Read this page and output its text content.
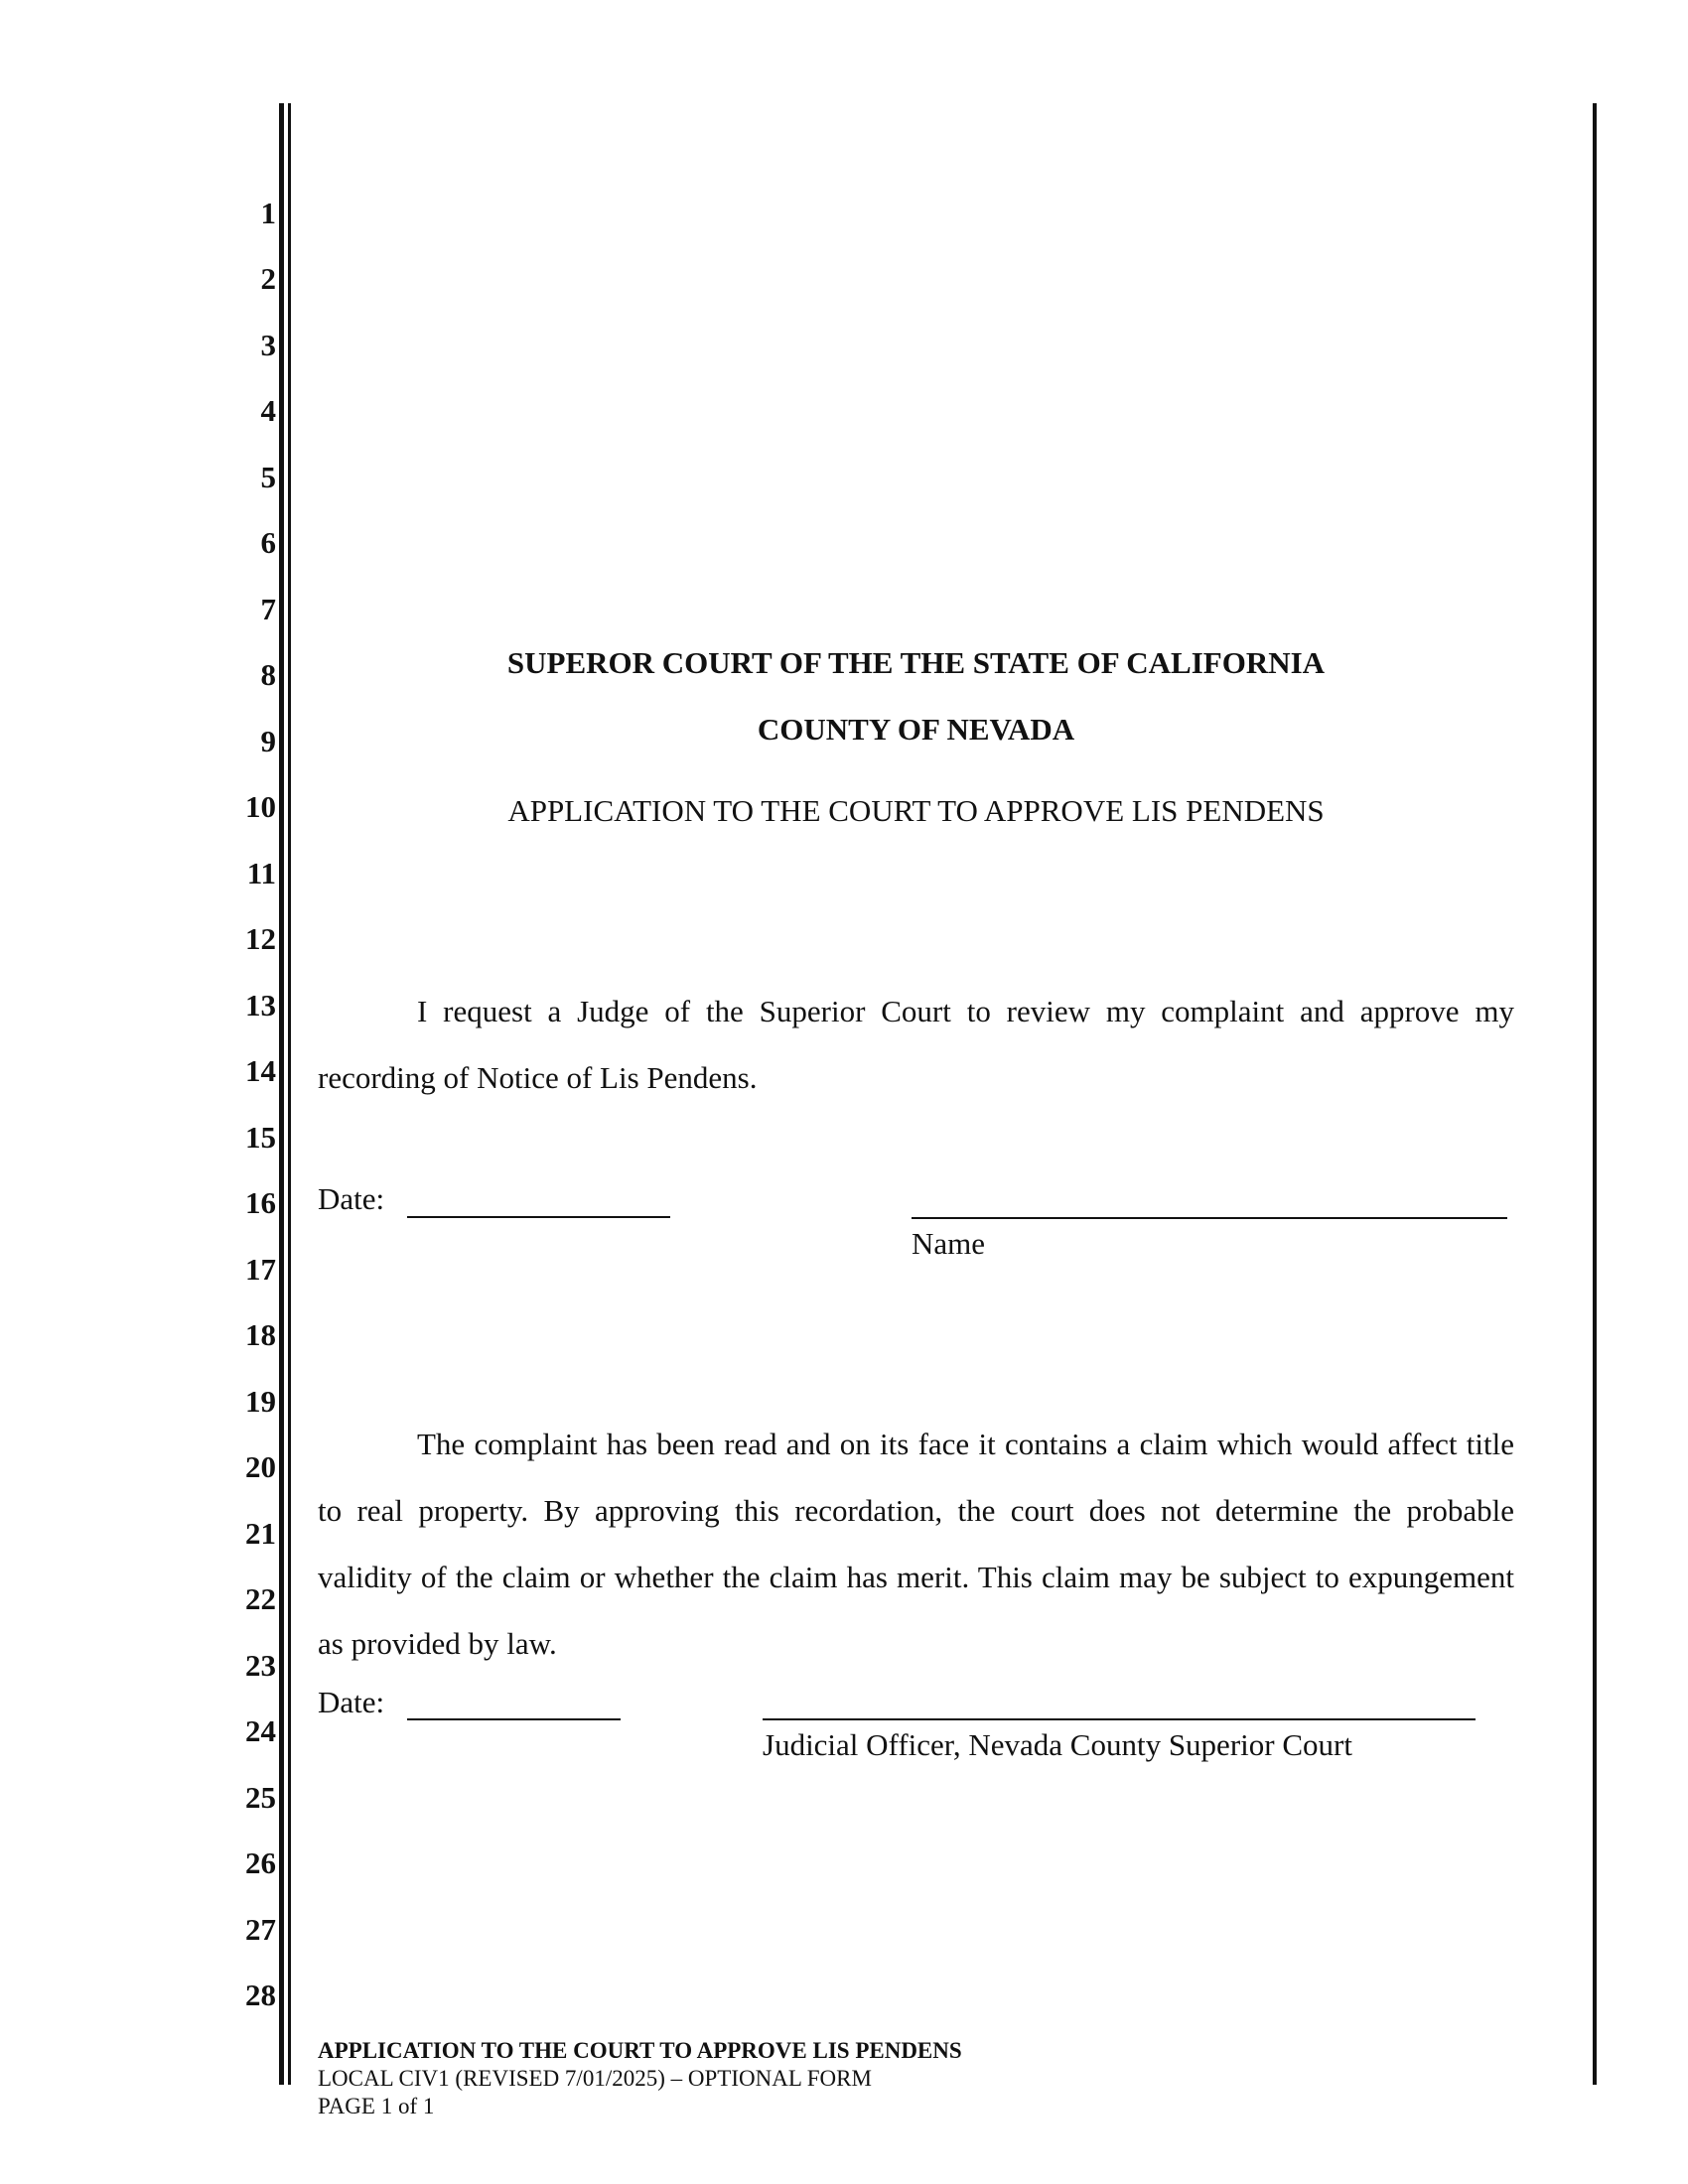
1
2
3
4
5
6
7
8
9
10
11
12
13
14
15
16
17
18
19
20
21
22
23
24
25
26
27
28
SUPEROR COURT OF THE THE STATE OF CALIFORNIA
COUNTY OF NEVADA
APPLICATION TO THE COURT TO APPROVE LIS PENDENS

I request a Judge of the Superior Court to review my complaint and approve my recording of Notice of Lis Pendens.

Date:
Name

The complaint has been read and on its face it contains a claim which would affect title to real property. By approving this recordation, the court does not determine the probable validity of the claim or whether the claim has merit. This claim may be subject to expungement as provided by law.

Date:
Judicial Officer, Nevada County Superior Court
APPLICATION TO THE COURT TO APPROVE LIS PENDENS
LOCAL CIV1 (REVISED 7/01/2025) – OPTIONAL FORM
PAGE 1 of 1
